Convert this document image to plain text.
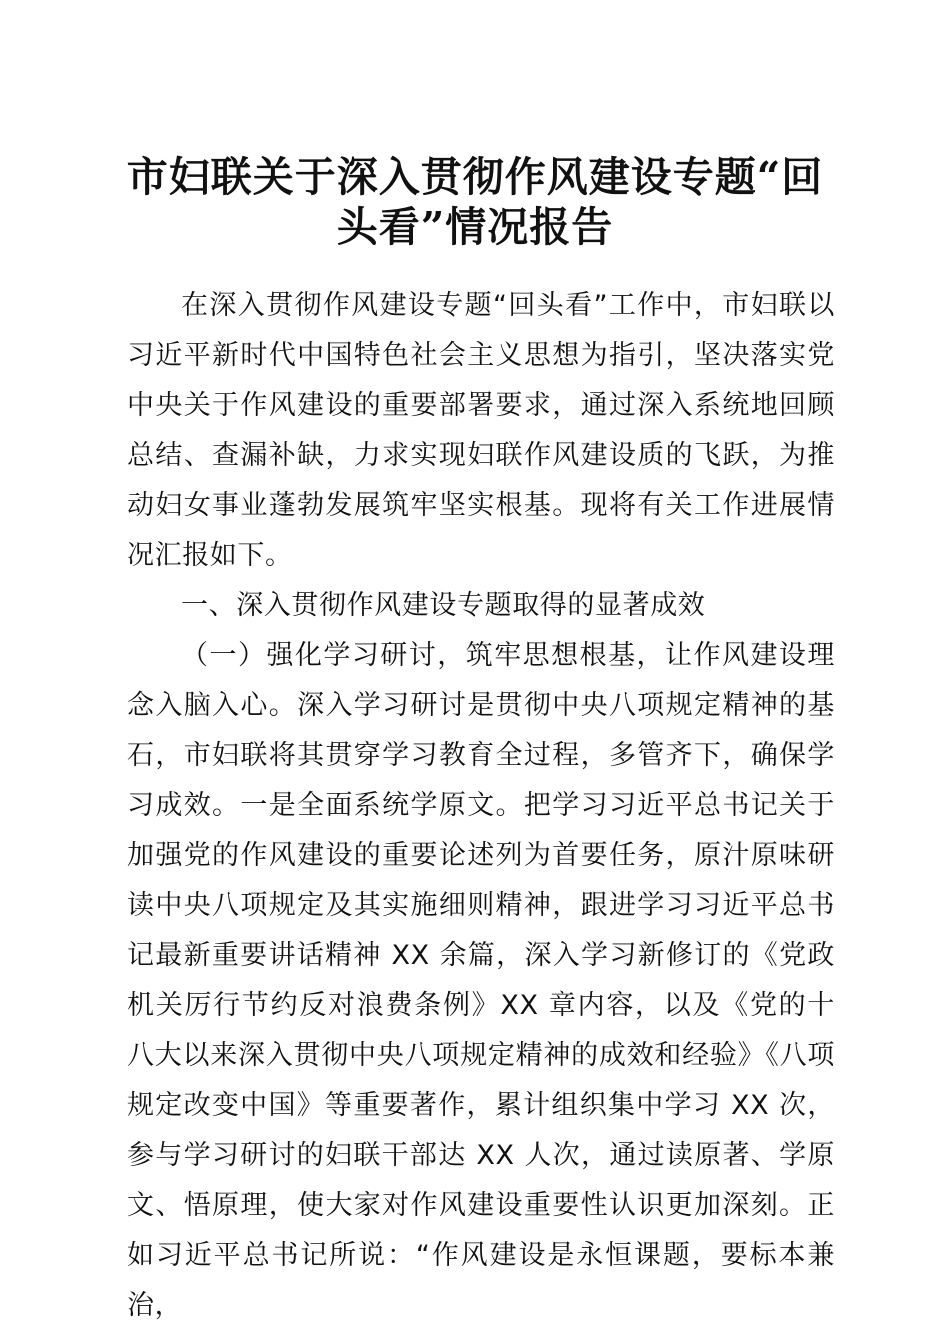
市妇联关于深入贯彻作风建设专题“回头看”情况报告

在深入贯彻作风建设专题“回头看”工作中，市妇联以习近平新时代中国特色社会主义思想为指引，坚决落实党中央关于作风建设的重要部署要求，通过深入系统地回顾总结、查漏补缺，力求实现妇联作风建设质的飞跃，为推动妇女事业蓬勃发展筑牢坚实根基。现将有关工作进展情况汇报如下。

一、深入贯彻作风建设专题取得的显著成效

（一）强化学习研讨，筑牢思想根基，让作风建设理念入脑入心。深入学习研讨是贯彻中央八项规定精神的基石，市妇联将其贯穿学习教育全过程，多管齐下，确保学习成效。一是全面系统学原文。把学习习近平总书记关于加强党的作风建设的重要论述列为首要任务，原汁原味研读中央八项规定及其实施细则精神，跟进学习习近平总书记最新重要讲话精神 XX 余篇，深入学习新修订的《党政机关厉行节约反对浪费条例》XX 章内容，以及《党的十八大以来深入贯彻中央八项规定精神的成效和经验》《八项规定改变中国》等重要著作，累计组织集中学习 XX 次，参与学习研讨的妇联干部达 XX 人次，通过读原著、学原文、悟原理，使大家对作风建设重要性认识更加深刻。正如习近平总书记所说：“作风建设是永恒课题，要标本兼治，
